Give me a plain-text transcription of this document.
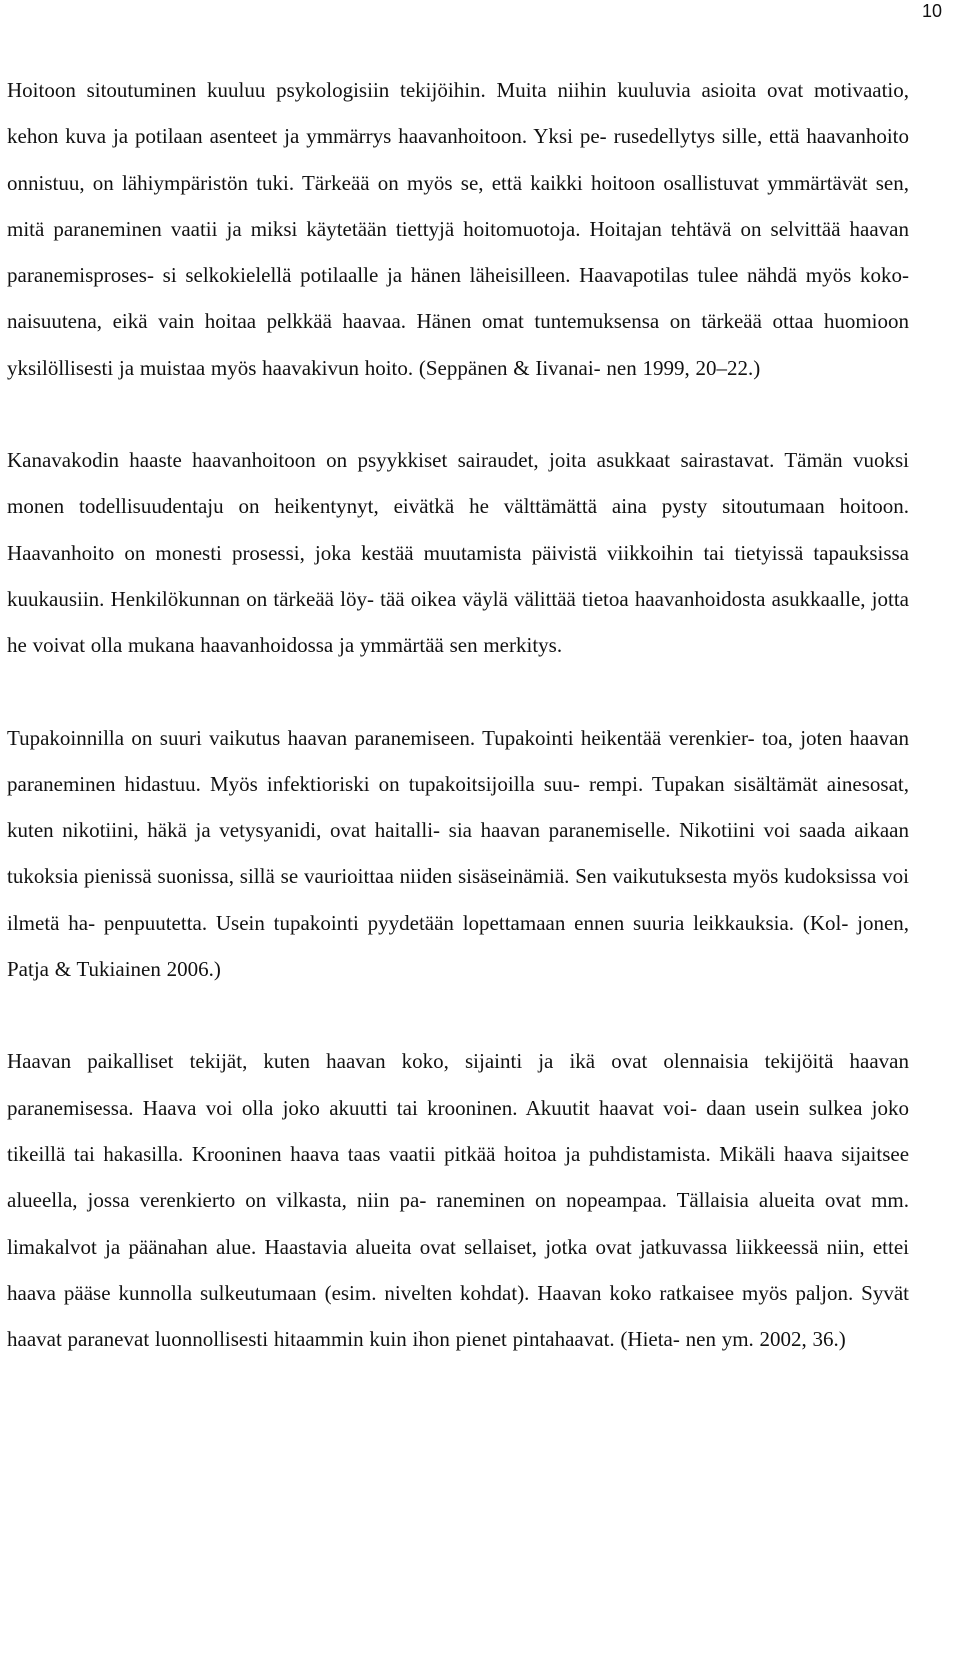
10

Hoitoon sitoutuminen kuuluu psykologisiin tekijöihin. Muita niihin kuuluvia asioita ovat motivaatio, kehon kuva ja potilaan asenteet ja ymmärrys haavanhoitoon. Yksi pe- rusedellytys sille, että haavanhoito onnistuu, on lähiympäristön tuki. Tärkeää on myös se, että kaikki hoitoon osallistuvat ymmärtävät sen, mitä paraneminen vaatii ja miksi käytetään tiettyjä hoitomuotoja. Hoitajan tehtävä on selvittää haavan paranemisproses- si selkokielellä potilaalle ja hänen läheisilleen. Haavapotilas tulee nähdä myös koko- naisuutena, eikä vain hoitaa pelkkää haavaa. Hänen omat tuntemuksensa on tärkeää ottaa huomioon yksilöllisesti ja muistaa myös haavakivun hoito. (Seppänen & Iivanai- nen 1999, 20–22.)

Kanavakodin haaste haavanhoitoon on psyykkiset sairaudet, joita asukkaat sairastavat. Tämän vuoksi monen todellisuudentaju on heikentynyt, eivätkä he välttämättä aina pysty sitoutumaan hoitoon. Haavanhoito on monesti prosessi, joka kestää muutamista päivistä viikkoihin tai tietyissä tapauksissa kuukausiin. Henkilökunnan on tärkeää löy- tää oikea väylä välittää tietoa haavanhoidosta asukkaalle, jotta he voivat olla mukana haavanhoidossa ja ymmärtää sen merkitys.

Tupakoinnilla on suuri vaikutus haavan paranemiseen. Tupakointi heikentää verenkier- toa, joten haavan paraneminen hidastuu. Myös infektioriski on tupakoitsijoilla suu- rempi. Tupakan sisältämät ainesosat, kuten nikotiini, häkä ja vetysyanidi, ovat haitalli- sia haavan paranemiselle. Nikotiini voi saada aikaan tukoksia pienissä suonissa, sillä se vaurioittaa niiden sisäseinämiä. Sen vaikutuksesta myös kudoksissa voi ilmetä ha- penpuutetta. Usein tupakointi pyydetään lopettamaan ennen suuria leikkauksia. (Kol- jonen, Patja & Tukiainen 2006.)

Haavan paikalliset tekijät, kuten haavan koko, sijainti ja ikä ovat olennaisia tekijöitä haavan paranemisessa. Haava voi olla joko akuutti tai krooninen. Akuutit haavat voi- daan usein sulkea joko tikeillä tai hakasilla. Krooninen haava taas vaatii pitkää hoitoa ja puhdistamista. Mikäli haava sijaitsee alueella, jossa verenkierto on vilkasta, niin pa- raneminen on nopeampaa. Tällaisia alueita ovat mm. limakalvot ja päänahan alue. Haastavia alueita ovat sellaiset, jotka ovat jatkuvassa liikkeessä niin, ettei haava pääse kunnolla sulkeutumaan (esim. nivelten kohdat). Haavan koko ratkaisee myös paljon. Syvät haavat paranevat luonnollisesti hitaammin kuin ihon pienet pintahaavat. (Hieta- nen ym. 2002, 36.)
